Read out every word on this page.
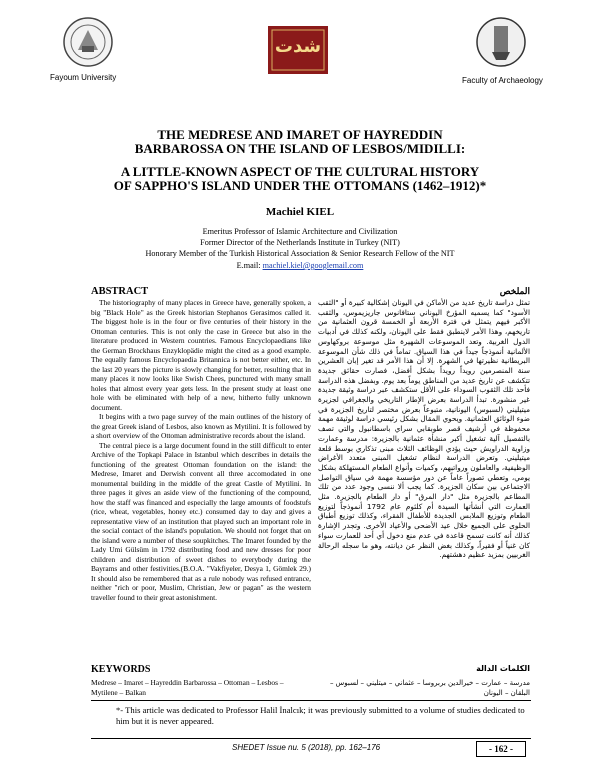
Fayoum University
شدت
Faculty of Archaeology
THE MEDRESE AND IMARET OF HAYREDDIN
BARBAROSSA ON THE ISLAND OF LESBOS/MIDILLI:
A LITTLE-KNOWN ASPECT OF THE CULTURAL HISTORY
OF SAPPHO'S ISLAND UNDER THE OTTOMANS (1462–1912)*
Machiel KIEL
Emeritus Professor of Islamic Architecture and Civilization
Former Director of the Netherlands Institute in Turkey (NIT)
Honorary Member of the Turkish Historical Association & Senior Research Fellow of the NIT
E.mail: machiel.kiel@googlemail.com
ABSTRACT	الملخص
The historiography of many places in Greece have, generally spoken, a big "Black Hole" as the Greek historian Stephanos Gerasimos called it. The biggest hole is in the four or five centuries of their history in the Ottoman centuries. This is not only the case in Greece but also in the literature produced in Western countries. Famous Encyclopaedians like the German Brockhaus Enzyklopädie might the cited as a good example. The equally famous Encyclopaedia Britannica is not better either, etc. In the last 20 years the picture is slowly changing for better, resulting that in many places it now looks like Swish Chees, punctured with many small holes that almost every year gets less. In the present study at least one hole with be eliminated with help of a new, hitherto fully unknown document.
It begins with a two page survey of the main outlines of the history of the great Greek island of Lesbos, also known as Mytilini. It is followed by a short overview of the Ottoman administrative records about the island.
The central piece is a large document found in the still difficult to enter Archive of the Topkapi Palace in Istanbul which describes in details the functioning of the greatest Ottoman foundation on the island: the Medrese, Imaret and Derwish convent all three accomodated in one monumental building in the middle of the great Castle of Mytilini. In three pages it gives an aside view of the functioning of the compound, how the staff was financed and especially the large amounts of foodstufs (rice, wheat, vegetables, honey etc.) consumed day to day and gives a representative view of an institution that played such an important role in the social contact of the island's population. We should not forget that on the island were a number of these soupkitches. The Imaret founded by the Lady Umi Gülsüm in 1792 distributing food and new dresses for poor children and distribution of sweet dishes to everybody during the Bayrams and other festivities.(B.O.A. "Vakfiyeler, Desya 1, Gömlek 29.) It should also be remembered that as a rule nobody was refused entrance, neither "rich or poor, Muslim, Christian, Jew or pagan" as the western traveller found to their great astonishment.
تمثل دراسة تاريخ عديد من الأماكن في اليونان إشكالية كبيرة أو "الثقب الأسود" كما يسميه المؤرخ اليوناني ستافانوس جاريزيموس، والثقب الأكبر فيهم يتمثل في فترة الأربعة أو الخمسة قرون العثمانية من تاريخهم، وهذا الأمر لاينطبق فقط على اليونان، ولكنه كذلك في أدبيات الدول الغربية. وتعد الموسوعات الشهيرة مثل موسوعة بروكهاوس الألمانية أنموذجاً جيداً في هذا السياق. تماماً في ذلك شأن الموسوعة البريطانية نظيرتها في الشهرة. إلا أن هذا الأمر قد تغير إبان العشرين سنة المنصرمين رويداً رويداً بشكل أفضل، فصارت حقائق جديدة تتكشف عن تاريخ عديد من المناطق يوماً بعد يوم. وبفضل هذه الدراسة فأحد تلك الثقوب السوداء على الأقل ستكشف عبر دراسة وثيقة جديدة غير منشورة. تبدأ الدراسة بعرض الإطار التاريخي والجغرافي لجزيرة ميتيليني (لسبوس) اليونانية، متبوعاً بعرض مختصر لتاريخ الجزيرة في ضوء الوثائق العثمانية. ويحوي المقال بشكل رئيسي دراسة لوثيقة مهمة محفوظة في أرشيف قصر طوبقابي سراي باسطانبول والتي تصف بالتفصيل آلية تشغيل أكبر منشأة عثمانية بالجزيرة: مدرسة وعمارت وزاوية الدراويش حيث يؤدي الوظائف الثلاث مبنى تذكاري بوسط قلعة ميتيليني. وتعرض الدراسة لنظام تشغيل المبنى متعدد الأغراض الوظيفية، والعاملون ورواتبهم، وكميات وأنواع الطعام المستهلكة بشكل يومي، وتعطي تصوراً عاماً عن دور مؤسسة مهمة في سياق التواصل الاجتماعي بين سكان الجزيرة. كما يجب ألا ننسى وجود عدد من تلك المطاعم بالجزيرة مثل "دار المرق" أو دار الطعام بالجزيرة. مثل العمارت التي أنشأتها السيدة أم كلثوم عام 1792 أنموذجاً لتوزيع الطعام وتوزيع الملابس الجديدة للأطفال الفقراء، وكذلك توزيع أطباق الحلوى على الجميع خلال عيد الأضحى والأعياد الأخرى. وتجدر الإشارة كذلك أنه كانت تسمح قاعدة في عدم منع دخول أي أحد للعمارت سواء كان غنياً أو فقيراً، وكذلك بغض النظر عن ديانته، وهو ما سجله الرحالة الغربيين بمزيد عظيم دهشتهم.
KEYWORDS
Medrese – Imaret – Hayreddin Barbarossa – Ottoman – Lesbos – Mytilene – Balkan
الكلمات الدالة
مدرسة – عمارت – خيرالدين بربروسا – عثماني – ميتليني – لسبوس – البلقان – اليونان
*- This article was dedicated to Professor Halil İnalcık; it was previously submitted to a volume of studies dedicated to him but it is never appeared.
SHEDET Issue nu. 5 (2018), pp. 162–176	- 162 -
